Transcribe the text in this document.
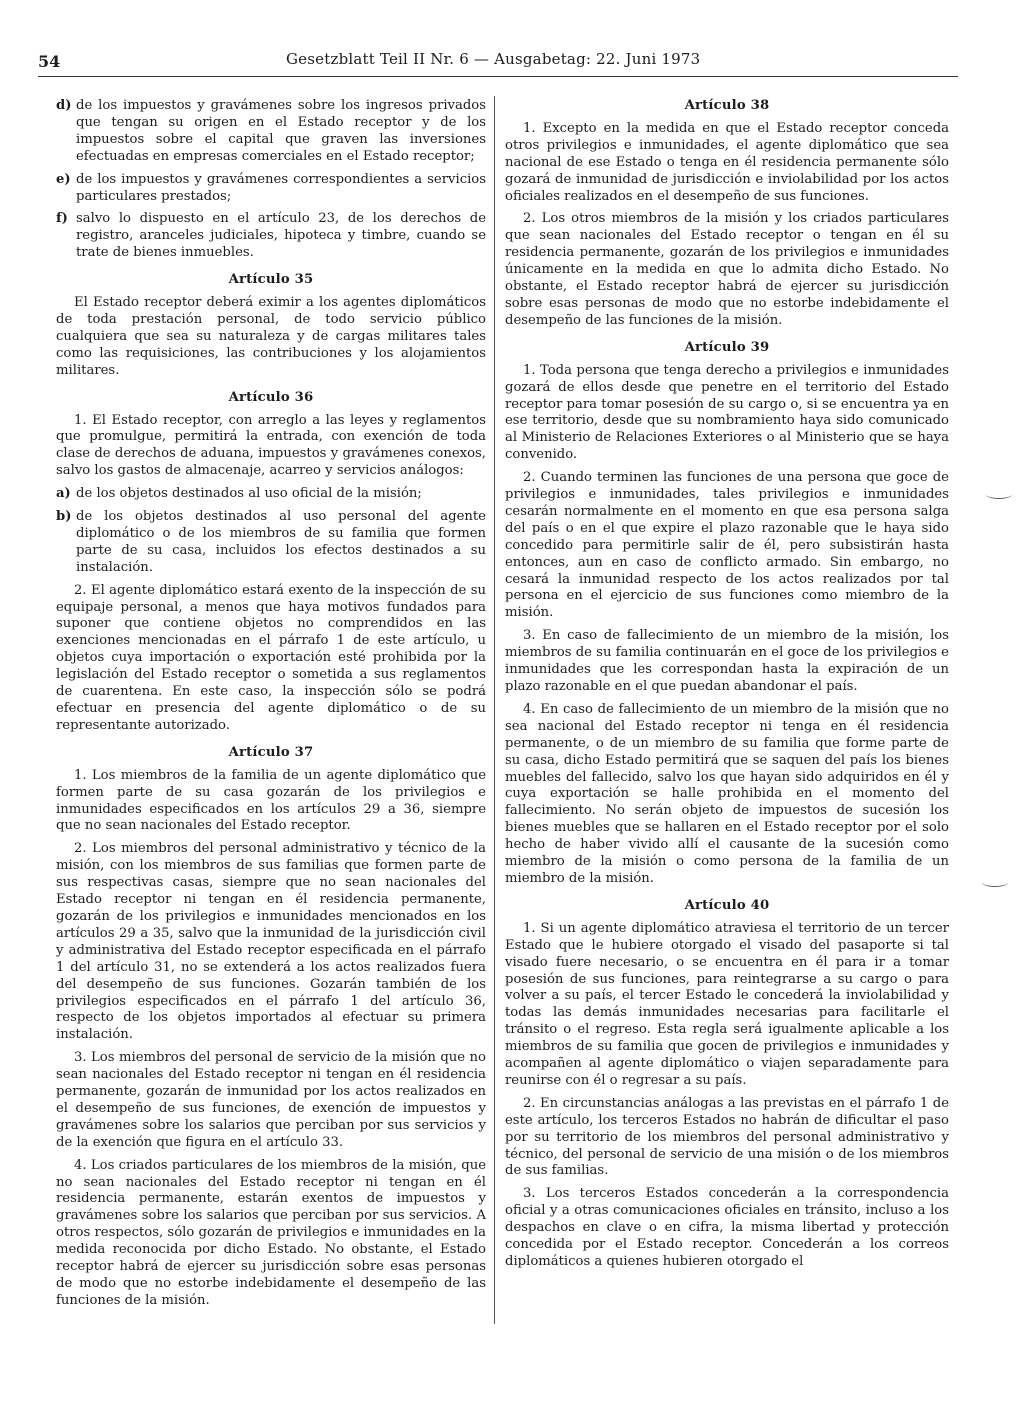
54	Gesetzblatt Teil II Nr. 6 — Ausgabetag: 22. Juni 1973

d) de los impuestos y gravámenes sobre los ingresos privados que tengan su origen en el Estado receptor y de los impuestos sobre el capital que graven las inversiones efectuadas en empresas comerciales en el Estado receptor;

e) de los impuestos y gravámenes correspondientes a servicios particulares prestados;

f) salvo lo dispuesto en el artículo 23, de los derechos de registro, aranceles judiciales, hipoteca y timbre, cuando se trate de bienes inmuebles.

Artículo 35

El Estado receptor deberá eximir a los agentes diplomáticos de toda prestación personal, de todo servicio público cualquiera que sea su naturaleza y de cargas militares tales como las requisiciones, las contribuciones y los alojamientos militares.

Artículo 36

1. El Estado receptor, con arreglo a las leyes y reglamentos que promulgue, permitirá la entrada, con exención de toda clase de derechos de aduana, impuestos y gravámenes conexos, salvo los gastos de almacenaje, acarreo y servicios análogos:

a) de los objetos destinados al uso oficial de la misión;

b) de los objetos destinados al uso personal del agente diplomático o de los miembros de su familia que formen parte de su casa, incluidos los efectos destinados a su instalación.

2. El agente diplomático estará exento de la inspección de su equipaje personal, a menos que haya motivos fundados para suponer que contiene objetos no comprendidos en las exenciones mencionadas en el párrafo 1 de este artículo, u objetos cuya importación o exportación esté prohibida por la legislación del Estado receptor o sometida a sus reglamentos de cuarentena. En este caso, la inspección sólo se podrá efectuar en presencia del agente diplomático o de su representante autorizado.

Artículo 37

1. Los miembros de la familia de un agente diplomático que formen parte de su casa gozarán de los privilegios e inmunidades especificados en los artículos 29 a 36, siempre que no sean nacionales del Estado receptor.

2. Los miembros del personal administrativo y técnico de la misión, con los miembros de sus familias que formen parte de sus respectivas casas, siempre que no sean nacionales del Estado receptor ni tengan en él residencia permanente, gozarán de los privilegios e inmunidades mencionados en los artículos 29 a 35, salvo que la inmunidad de la jurisdicción civil y administrativa del Estado receptor especificada en el párrafo 1 del artículo 31, no se extenderá a los actos realizados fuera del desempeño de sus funciones. Gozarán también de los privilegios especificados en el párrafo 1 del artículo 36, respecto de los objetos importados al efectuar su primera instalación.

3. Los miembros del personal de servicio de la misión que no sean nacionales del Estado receptor ni tengan en él residencia permanente, gozarán de inmunidad por los actos realizados en el desempeño de sus funciones, de exención de impuestos y gravámenes sobre los salarios que perciban por sus servicios y de la exención que figura en el artículo 33.

4. Los criados particulares de los miembros de la misión, que no sean nacionales del Estado receptor ni tengan en él residencia permanente, estarán exentos de impuestos y gravámenes sobre los salarios que perciban por sus servicios. A otros respectos, sólo gozarán de privilegios e inmunidades en la medida reconocida por dicho Estado. No obstante, el Estado receptor habrá de ejercer su jurisdicción sobre esas personas de modo que no estorbe indebidamente el desempeño de las funciones de la misión.

Artículo 38

1. Excepto en la medida en que el Estado receptor conceda otros privilegios e inmunidades, el agente diplomático que sea nacional de ese Estado o tenga en él residencia permanente sólo gozará de inmunidad de jurisdicción e inviolabilidad por los actos oficiales realizados en el desempeño de sus funciones.

2. Los otros miembros de la misión y los criados particulares que sean nacionales del Estado receptor o tengan en él su residencia permanente, gozarán de los privilegios e inmunidades únicamente en la medida en que lo admita dicho Estado. No obstante, el Estado receptor habrá de ejercer su jurisdicción sobre esas personas de modo que no estorbe indebidamente el desempeño de las funciones de la misión.

Artículo 39

1. Toda persona que tenga derecho a privilegios e inmunidades gozará de ellos desde que penetre en el territorio del Estado receptor para tomar posesión de su cargo o, si se encuentra ya en ese territorio, desde que su nombramiento haya sido comunicado al Ministerio de Relaciones Exteriores o al Ministerio que se haya convenido.

2. Cuando terminen las funciones de una persona que goce de privilegios e inmunidades, tales privilegios e inmunidades cesarán normalmente en el momento en que esa persona salga del país o en el que expire el plazo razonable que le haya sido concedido para permitirle salir de él, pero subsistirán hasta entonces, aun en caso de conflicto armado. Sin embargo, no cesará la inmunidad respecto de los actos realizados por tal persona en el ejercicio de sus funciones como miembro de la misión.

3. En caso de fallecimiento de un miembro de la misión, los miembros de su familia continuarán en el goce de los privilegios e inmunidades que les correspondan hasta la expiración de un plazo razonable en el que puedan abandonar el país.

4. En caso de fallecimiento de un miembro de la misión que no sea nacional del Estado receptor ni tenga en él residencia permanente, o de un miembro de su familia que forme parte de su casa, dicho Estado permitirá que se saquen del país los bienes muebles del fallecido, salvo los que hayan sido adquiridos en él y cuya exportación se halle prohibida en el momento del fallecimiento. No serán objeto de impuestos de sucesión los bienes muebles que se hallaren en el Estado receptor por el solo hecho de haber vivido allí el causante de la sucesión como miembro de la misión o como persona de la familia de un miembro de la misión.

Artículo 40

1. Si un agente diplomático atraviesa el territorio de un tercer Estado que le hubiere otorgado el visado del pasaporte si tal visado fuere necesario, o se encuentra en él para ir a tomar posesión de sus funciones, para reintegrarse a su cargo o para volver a su país, el tercer Estado le concederá la inviolabilidad y todas las demás inmunidades necesarias para facilitarle el tránsito o el regreso. Esta regla será igualmente aplicable a los miembros de su familia que gocen de privilegios e inmunidades y acompañen al agente diplomático o viajen separadamente para reunirse con él o regresar a su país.

2. En circunstancias análogas a las previstas en el párrafo 1 de este artículo, los terceros Estados no habrán de dificultar el paso por su territorio de los miembros del personal administrativo y técnico, del personal de servicio de una misión o de los miembros de sus familias.

3. Los terceros Estados concederán a la correspondencia oficial y a otras comunicaciones oficiales en tránsito, incluso a los despachos en clave o en cifra, la misma libertad y protección concedida por el Estado receptor. Concederán a los correos diplomáticos a quienes hubieren otorgado el
